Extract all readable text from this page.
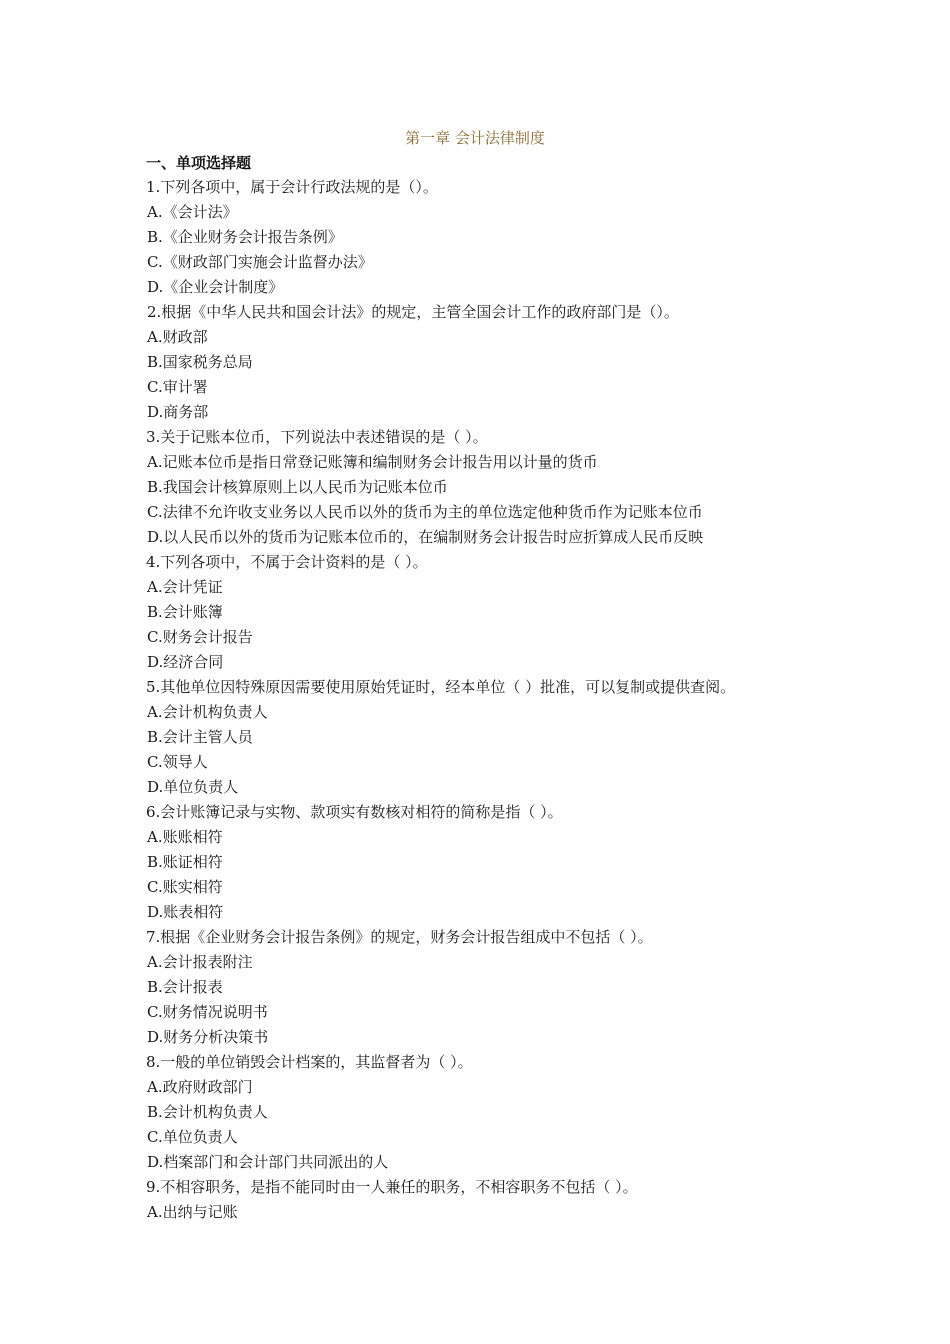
第一章 会计法律制度
一、单项选择题
1.下列各项中，属于会计行政法规的是（）。
A.《会计法》
B.《企业财务会计报告条例》
C.《财政部门实施会计监督办法》
D.《企业会计制度》
2.根据《中华人民共和国会计法》的规定，主管全国会计工作的政府部门是（）。
A.财政部
B.国家税务总局
C.审计署
D.商务部
3.关于记账本位币，下列说法中表述错误的是（ ）。
A.记账本位币是指日常登记账簿和编制财务会计报告用以计量的货币
B.我国会计核算原则上以人民币为记账本位币
C.法律不允许收支业务以人民币以外的货币为主的单位选定他种货币作为记账本位币
D.以人民币以外的货币为记账本位币的，在编制财务会计报告时应折算成人民币反映
4.下列各项中，不属于会计资料的是（ ）。
A.会计凭证
B.会计账簿
C.财务会计报告
D.经济合同
5.其他单位因特殊原因需要使用原始凭证时，经本单位（ ）批准，可以复制或提供查阅。
A.会计机构负责人
B.会计主管人员
C.领导人
D.单位负责人
6.会计账簿记录与实物、款项实有数核对相符的简称是指（ ）。
A.账账相符
B.账证相符
C.账实相符
D.账表相符
7.根据《企业财务会计报告条例》的规定，财务会计报告组成中不包括（ ）。
A.会计报表附注
B.会计报表
C.财务情况说明书
D.财务分析决策书
8.一般的单位销毁会计档案的，其监督者为（ ）。
A.政府财政部门
B.会计机构负责人
C.单位负责人
D.档案部门和会计部门共同派出的人
9.不相容职务，是指不能同时由一人兼任的职务，不相容职务不包括（ ）。
A.出纳与记账
